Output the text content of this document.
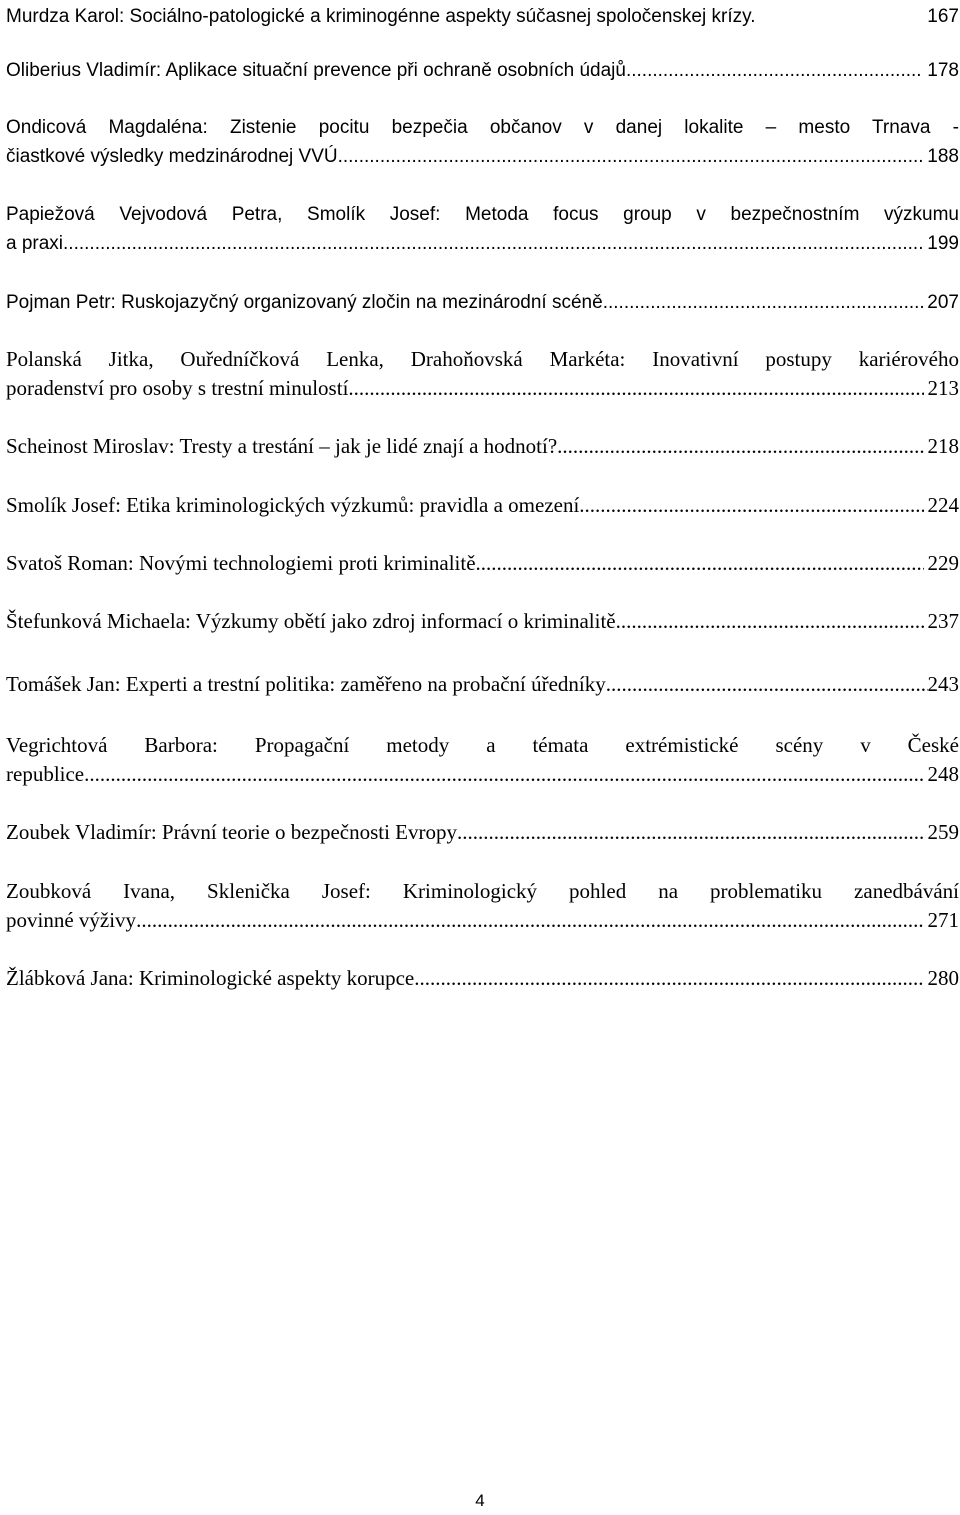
Murdza Karol: Sociálno-patologické a kriminogénne aspekty súčasnej spoločenskej krízy.	167
Oliberius Vladimír: Aplikace situační prevence při ochraně osobních údajů .....	178
Ondicová Magdaléna: Zistenie pocitu bezpečia občanov v danej lokalite – mesto Trnava -
čiastkové výsledky medzinárodnej VVÚ .....	188
Papiežová Vejvodová Petra, Smolík Josef: Metoda focus group v bezpečnostním výzkumu
a praxi .....	199
Pojman Petr: Ruskojazyčný organizovaný zločin na mezinárodní scéně .....	207
Polanská Jitka, Ouředníčková Lenka, Drahoňovská Markéta: Inovativní postupy kariérového
poradenství pro osoby s trestní minulostí .....	213
Scheinost Miroslav: Tresty a trestání – jak je lidé znají a hodnotí? .....	218
Smolík Josef: Etika kriminologických výzkumů: pravidla a omezení .....	224
Svatoš Roman: Novými technologiemi proti kriminalitě .....	229
Štefunková Michaela: Výzkumy obětí jako zdroj informací o kriminalitě .....	237
Tomášek Jan: Experti a trestní politika: zaměřeno na probační úředníky .....	243
Vegrichtová Barbora: Propagační metody a témata extrémistické scény v České
republice .....	248
Zoubek Vladimír: Právní teorie o bezpečnosti Evropy .....	259
Zoubková Ivana, Sklenička Josef: Kriminologický pohled na problematiku zanedbávání
povinné výživy .....	271
Žlábková Jana: Kriminologické aspekty korupce .....	280
4
